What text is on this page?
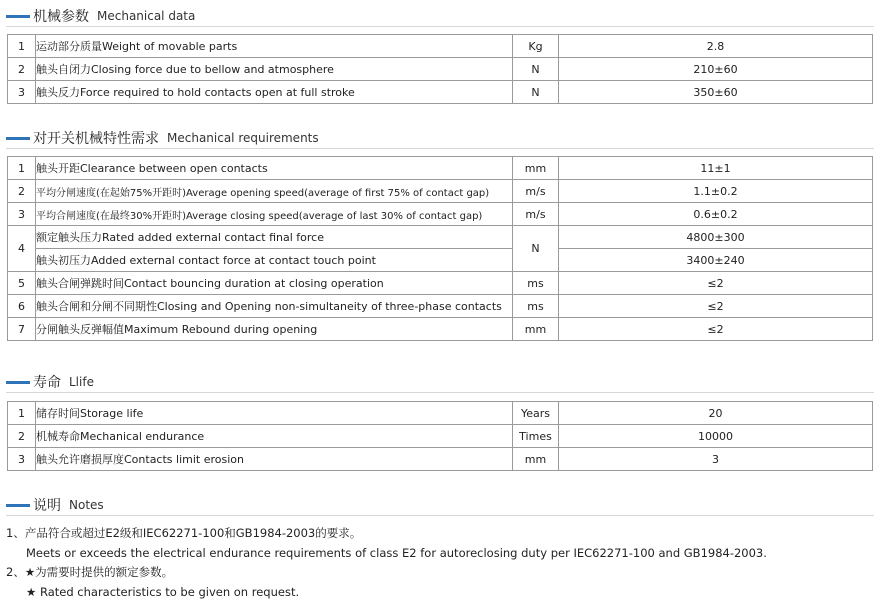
机械参数 Mechanical data
1	运动部分质量Weight of movable parts	Kg	2.8
2	触头自闭力Closing force due to bellow and atmosphere	N	210±60
3	触头反力Force required to hold contacts open at full stroke	N	350±60
对开关机械特性需求 Mechanical requirements
1	触头开距Clearance between open contacts	mm	11±1
2	平均分闸速度(在起始75%开距时)Average opening speed(average of first 75% of contact gap)	m/s	1.1±0.2
3	平均合闸速度(在最终30%开距时)Average closing speed(average of last 30% of contact gap)	m/s	0.6±0.2
4	额定触头压力Rated added external contact final force	N	4800±300
	触头初压力Added external contact force at contact touch point		3400±240
5	触头合闸弹跳时间Contact bouncing duration at closing operation	ms	≤2
6	触头合闸和分闸不同期性Closing and Opening non-simultaneity of three-phase contacts	ms	≤2
7	分闸触头反弹幅值Maximum Rebound during opening	mm	≤2
寿命 Llife
1	储存时间Storage life	Years	20
2	机械寿命Mechanical endurance	Times	10000
3	触头允许磨损厚度Contacts limit erosion	mm	3
说明 Notes
1、产品符合或超过E2级和IEC62271-100和GB1984-2003的要求。
Meets or exceeds the electrical endurance requirements of class E2 for autoreclosing duty per IEC62271-100 and GB1984-2003.
2、★为需要时提供的额定参数。
★ Rated characteristics to be given on request.
